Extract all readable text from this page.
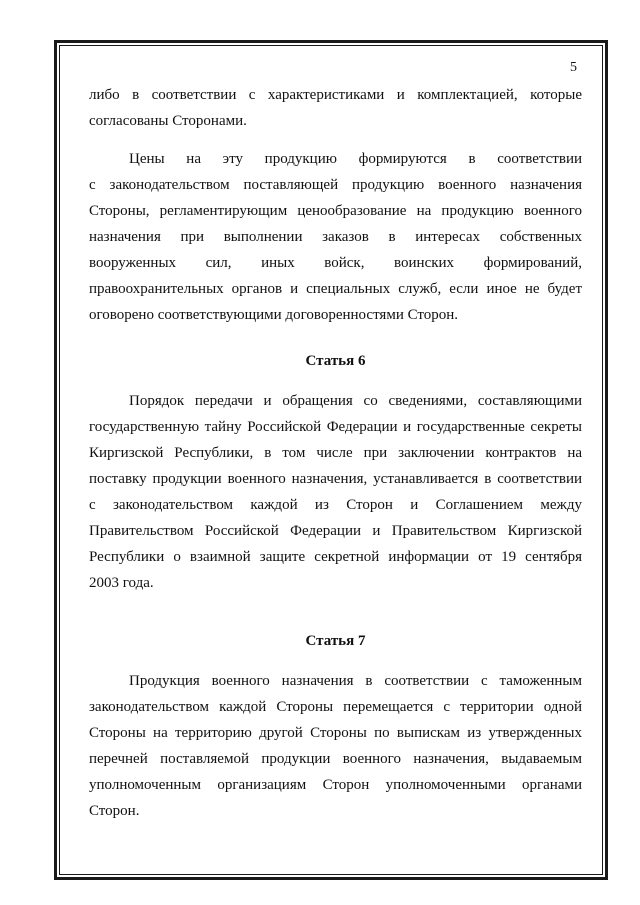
5
либо в соответствии с характеристиками и комплектацией, которые
согласованы Сторонами.
Цены на эту продукцию формируются в соответствии
с законодательством поставляющей продукцию военного назначения
Стороны, регламентирующим ценообразование на продукцию военного
назначения при выполнении заказов в интересах собственных
вооруженных сил, иных войск, воинских формирований,
правоохранительных органов и специальных служб, если иное не будет
оговорено соответствующими договоренностями Сторон.
Статья 6
Порядок передачи и обращения со сведениями, составляющими
государственную тайну Российской Федерации и государственные секреты
Киргизской Республики, в том числе при заключении контрактов на
поставку продукции военного назначения, устанавливается в соответствии
с законодательством каждой из Сторон и Соглашением между
Правительством Российской Федерации и Правительством Киргизской
Республики о взаимной защите секретной информации от 19 сентября
2003 года.
Статья 7
Продукция военного назначения в соответствии с таможенным
законодательством каждой Стороны перемещается с территории одной
Стороны на территорию другой Стороны по выпискам из утвержденных
перечней поставляемой продукции военного назначения, выдаваемым
уполномоченным организациям Сторон уполномоченными органами
Сторон.
